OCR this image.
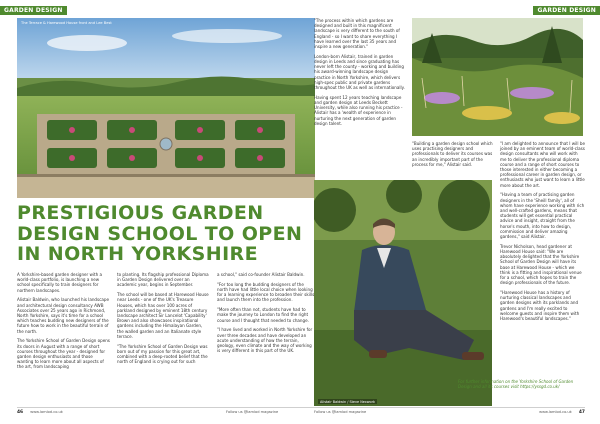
GARDEN DESIGN	GARDEN DESIGN
The Terrace & Harewood House front and Lee Best
PRESTIGIOUS GARDEN
DESIGN SCHOOL TO OPEN
IN NORTH YORKSHIRE

A Yorkshire-based garden designer with a world-class portfolio, is launching a new school specifically to train designers for northern landscapes.

Alistair Baldwin, who launched his landscape and architectural design consultancy AWB Associates over 25 years ago in Richmond, North Yorkshire, says it's time for a school which teaches budding new designers of the future how to work in the beautiful terrain of the north.

The Yorkshire School of Garden Design opens its doors in August with a range of short courses throughout the year - designed for garden design enthusiasts and those wanting to learn more about all aspects of the art, from landscaping

to planting. Its flagship professional Diploma in Garden Design delivered over an academic year, begins in September.

The school will be based at Harewood House near Leeds - one of the UK's Treasure Houses, which has over 100 acres of parkland designed by eminent 18th century landscape architect Sir Lancelot 'Capability' Brown and also showcases inspirational gardens including the Himalayan Garden, the walled garden and an Italianate style terrace.

"The Yorkshire School of Garden Design was born out of my passion for this great art, combined with a deep-rooted belief that the north of England is crying out for such

a school," said co-founder Alistair Baldwin.

"For too long the budding designers of the north have had little local choice when looking for a learning experience to broaden their skills and launch them into the profession.

"More often than not, students have had to make the journey to London to find the right course and I thought that needed to change.

"I have lived and worked in North Yorkshire for over three decades and have developed an acute understanding of how the terrain, geology, even climate and the way of working is very different in this part of the UK.

"The process within which gardens are designed and built in this magnificent landscape is very different to the south of England - so I want to share everything I have learned over the last 35 years and inspire a new generation."

London-born Alistair, trained in garden design in Leeds and since graduating has never left the county - working and building his award-winning landscape design practice in North Yorkshire, which delivers high-spec public and private gardens throughout the UK as well as internationally.

Having spent 12 years teaching landscape and garden design at Leeds Beckett University, while also running his practice - Alistair has a 'wealth of experience in nurturing the next generation of garden design talent.

"Building a garden design school which uses practising designers and professionals to deliver its courses was an incredibly important part of the process for me," Alistair said.

"I am delighted to announce that I will be joined by an eminent team of world-class design consultants who will work with me to deliver the professional diploma course and a range of short courses to those interested in either becoming a professional career in garden design, or enthusiasts who just want to learn a little more about the art.

"Having a team of practising garden designers in the 'Sheill family', all of whom have experience working with rich and well-crafted gardens, means that students will get essential practical advice and insight, straight from the horse's mouth, into how to design, commission and deliver amazing gardens," said Alistair.

Trevor Nicholson, head gardener at Harewood House said: "We are absolutely delighted that the Yorkshire School of Garden Design will have its base at Harewood House - which we think is a fitting and inspirational venue for a school, which hopes to train the design professionals of the future.

"Harewood House has a history of nurturing classical landscapes and garden designs with its parklands and gardens and I'm really excited to welcome guests and inspire them with Harewood's beautiful landscapes."

Alistair Baldwin / Steve Nexwork
For further information on the Yorkshire School of Garden Design and all its courses visit https://yssgd.co.uk/
46 www.lamlod.co.uk	Follow us @lamlod magazine	Follow us @lamlod magazine	www.lamlod.co.uk 47
